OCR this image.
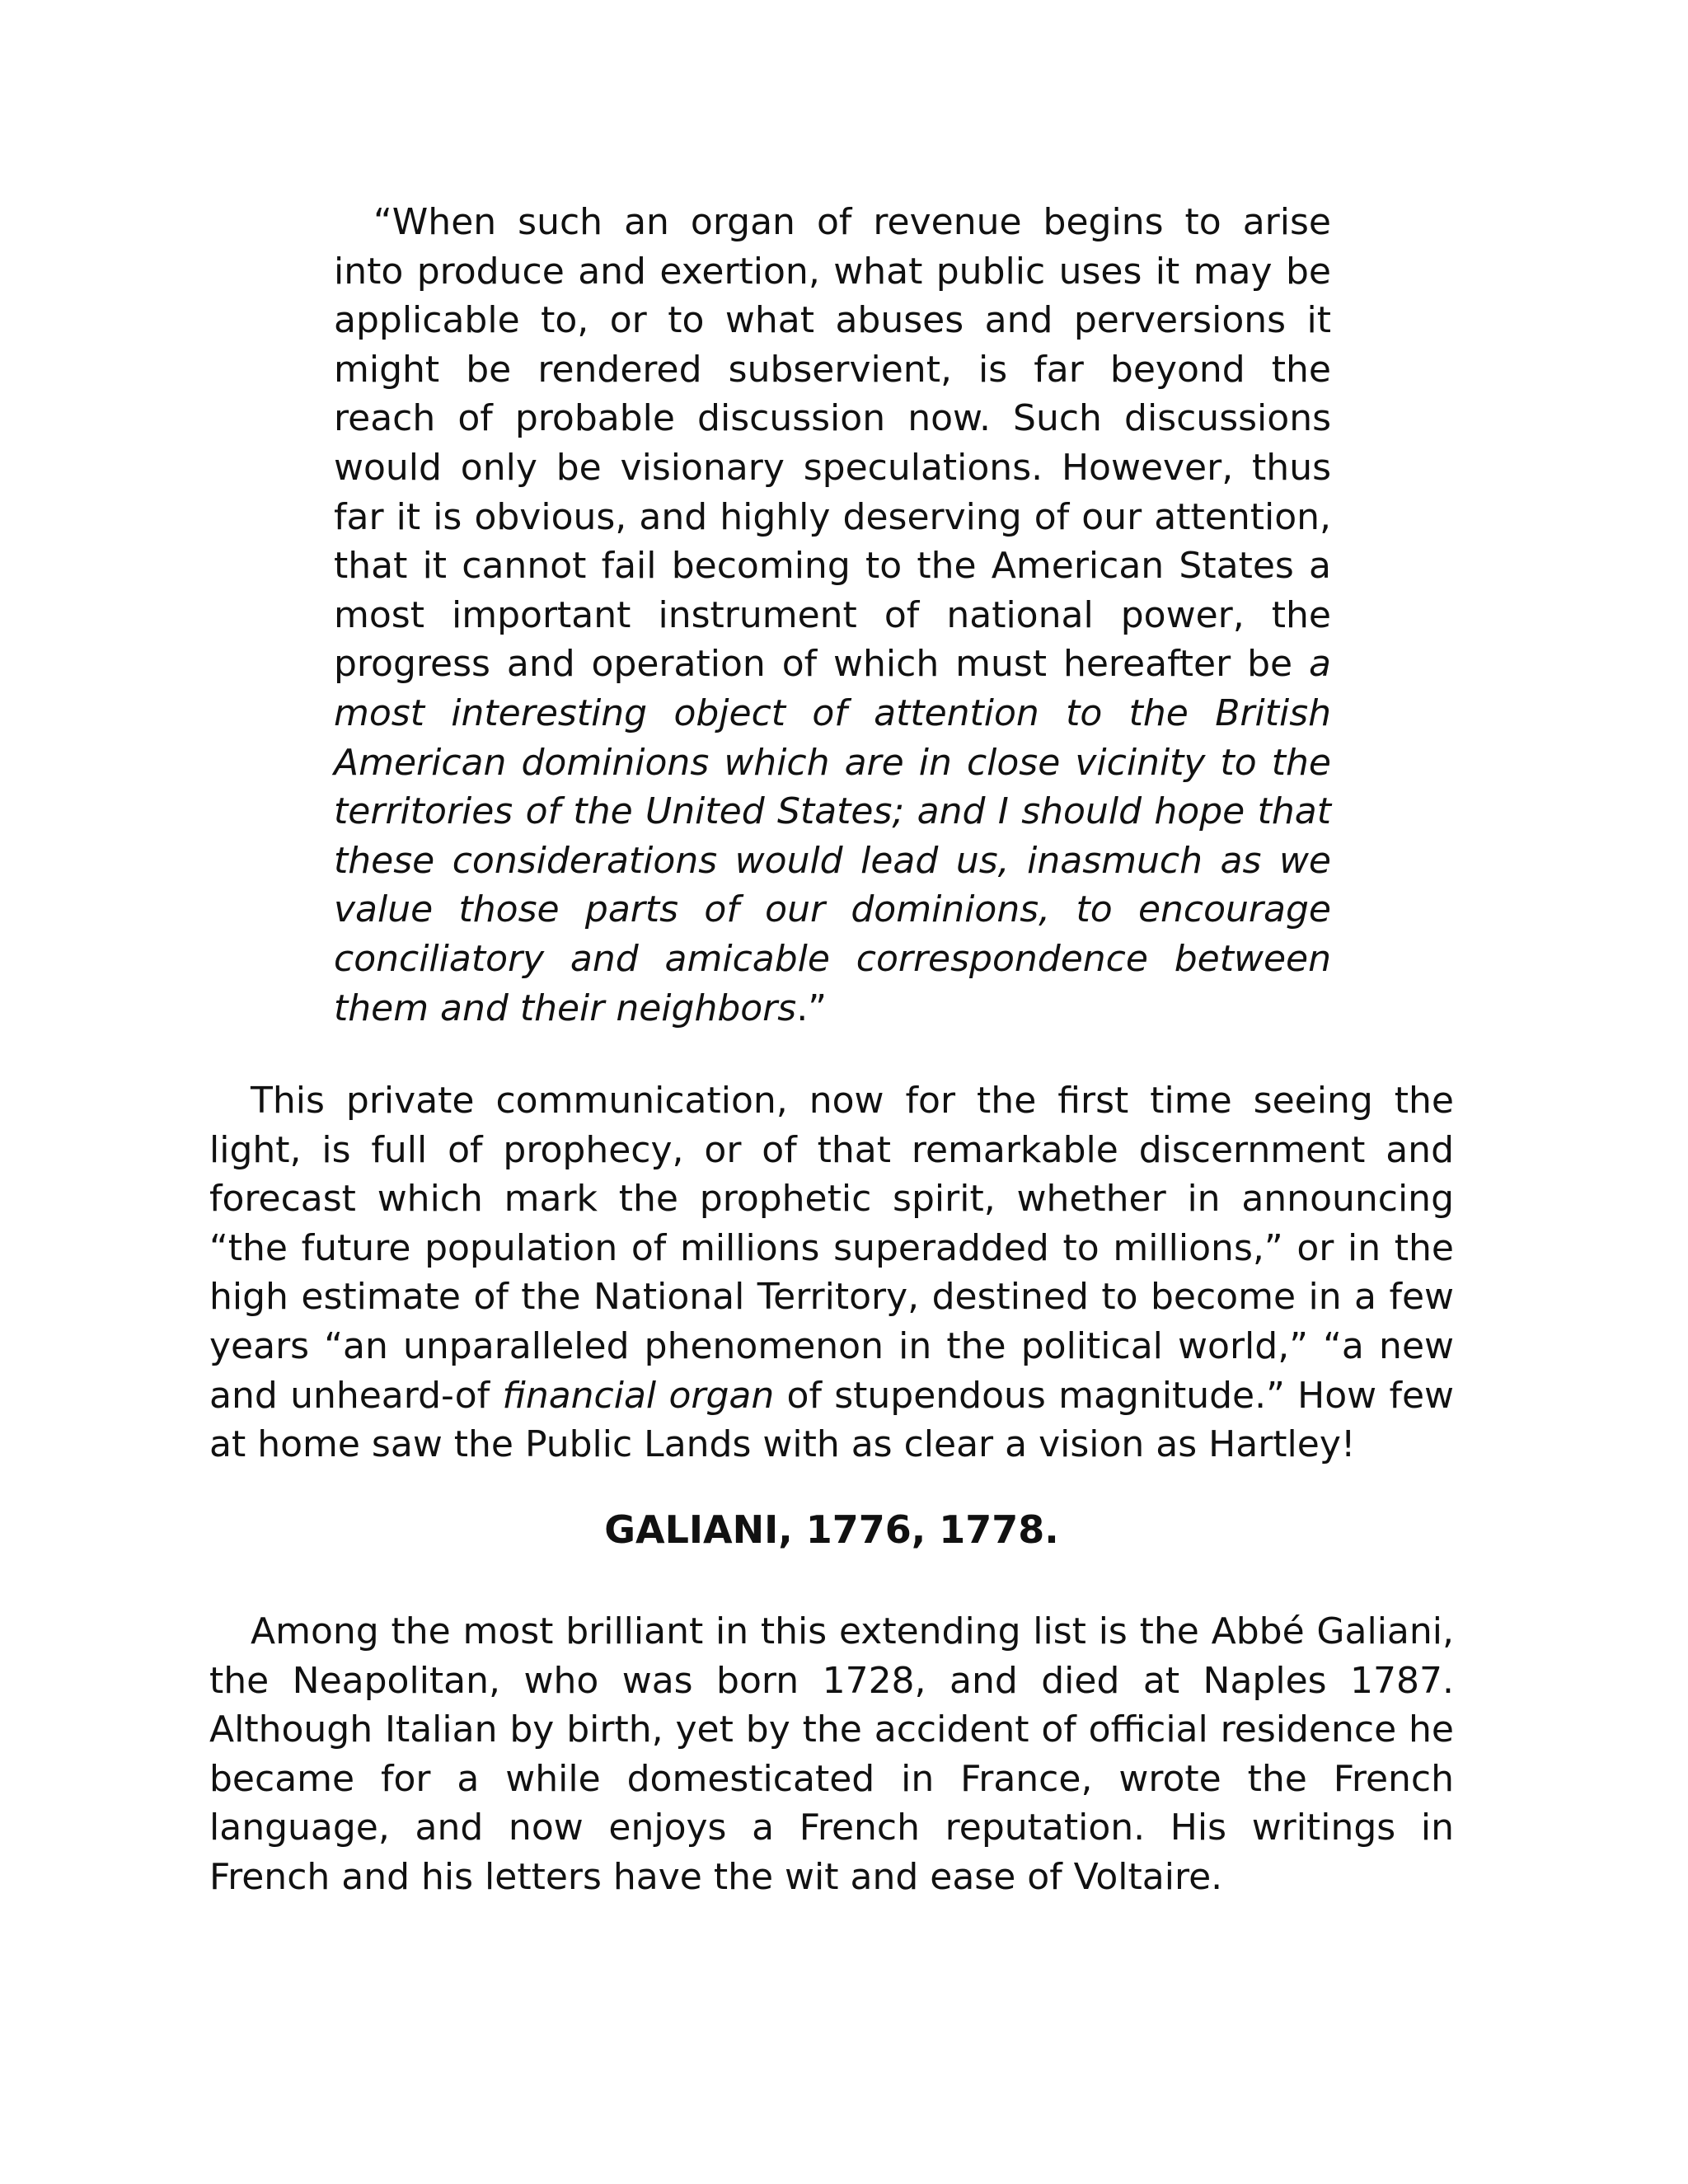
“When such an organ of revenue begins to arise into produce and exertion, what public uses it may be applicable to, or to what abuses and perversions it might be rendered subservient, is far beyond the reach of probable discussion now. Such discussions would only be visionary speculations. However, thus far it is obvious, and highly deserving of our attention, that it cannot fail becoming to the American States a most important instrument of national power, the progress and operation of which must hereafter be a most interesting object of attention to the British American dominions which are in close vicinity to the territories of the United States; and I should hope that these considerations would lead us, inasmuch as we value those parts of our dominions, to encourage conciliatory and amicable correspondence between them and their neighbors.”

This private communication, now for the first time seeing the light, is full of prophecy, or of that remarkable discernment and forecast which mark the prophetic spirit, whether in announcing “the future population of millions superadded to millions,” or in the high estimate of the National Territory, destined to become in a few years “an unparalleled phenomenon in the political world,” “a new and unheard-of financial organ of stupendous magnitude.” How few at home saw the Public Lands with as clear a vision as Hartley!

GALIANI, 1776, 1778.

Among the most brilliant in this extending list is the Abbé Galiani, the Neapolitan, who was born 1728, and died at Naples 1787. Although Italian by birth, yet by the accident of official residence he became for a while domesticated in France, wrote the French language, and now enjoys a French reputation. His writings in French and his letters have the wit and ease of Voltaire.
